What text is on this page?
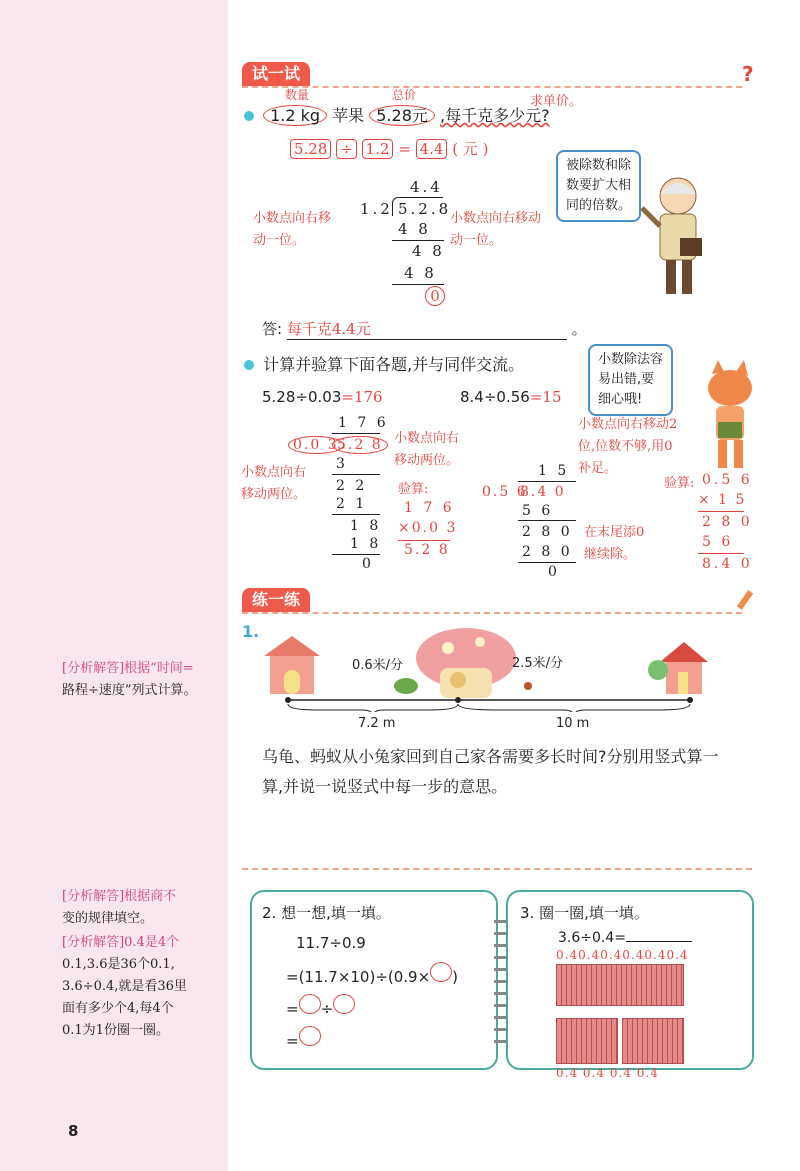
试一试	?
数量	总价	求单价。
1.2 kg 苹果 5.28元 ,每千克多少元?
5.28 ÷ 1.2 = 4.4 ( 元 )
4.4
1.2 5.2.8
4 8
4 8
4 8
0
小数点向右移
动一位。
小数点向右移动
动一位。
被除数和除
数要扩大相
同的倍数。
答: 每千克4.4元	。
计算并验算下面各题,并与同伴交流。	小数除法容
易出错,要
细心哦!
5.28÷0.03=176	8.4÷0.56=15
1 7 6
0.0 3
5.2 8
3
2 2
2 1
1 8
1 8
0
小数点向右
移动两位。
小数点向右
移动两位。	验算:
1 7 6
×0.0 3
5.2 8
小数点向右移动2
位,位数不够,用0
补足。
1 5
0.5 6
8.4 0
5 6
2 8 0
2 8 0
0
在末尾添0
继续除。
验算: 0.5 6
× 1 5
2 8 0
5 6
8.4 0
练一练
1.
0.6米/分	2.5米/分
7.2 m	10 m
乌龟、蚂蚁从小兔家回到自己家各需要多长时间?分别用竖式算一
算,并说一说竖式中每一步的意思。
2. 想一想,填一填。
11.7÷0.9
=(11.7×10)÷(0.9× )
= ÷
=
3. 圈一圈,填一填。
3.6÷0.4=
0.40.40.40.40.40.4
0.4 0.4 0.4 0.4
[分析解答]根据“时间=
路程÷速度”列式计算。
[分析解答]根据商不
变的规律填空。
[分析解答]0.4是4个
0.1,3.6是36个0.1,
3.6÷0.4,就是看36里
面有多少个4,每4个
0.1为1份圈一圈。
8
